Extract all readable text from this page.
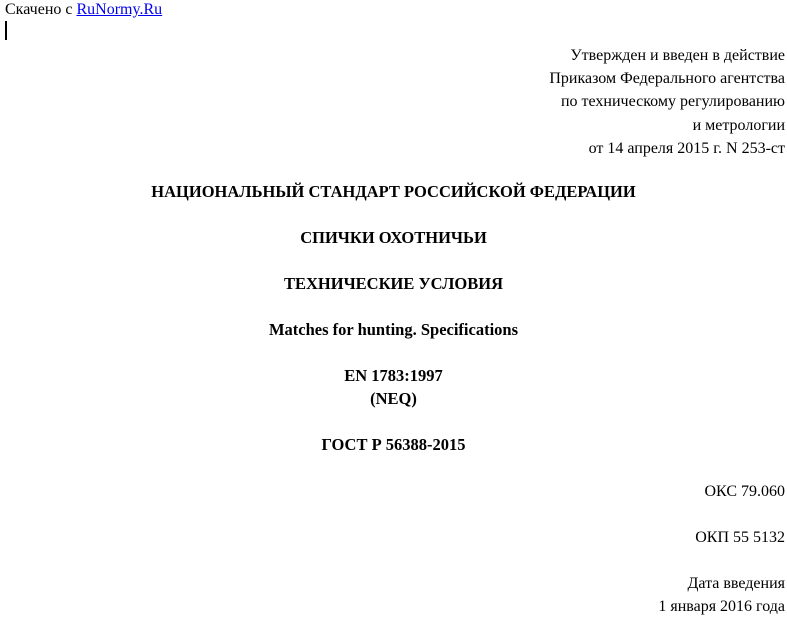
Скачено с RuNormy.Ru
Утвержден и введен в действие
Приказом Федерального агентства
по техническому регулированию
и метрологии
от 14 апреля 2015 г. N 253-ст
НАЦИОНАЛЬНЫЙ СТАНДАРТ РОССИЙСКОЙ ФЕДЕРАЦИИ
СПИЧКИ ОХОТНИЧЬИ
ТЕХНИЧЕСКИЕ УСЛОВИЯ
Matches for hunting. Specifications
EN 1783:1997
(NEQ)
ГОСТ Р 56388-2015
ОКС 79.060
ОКП 55 5132
Дата введения
1 января 2016 года
